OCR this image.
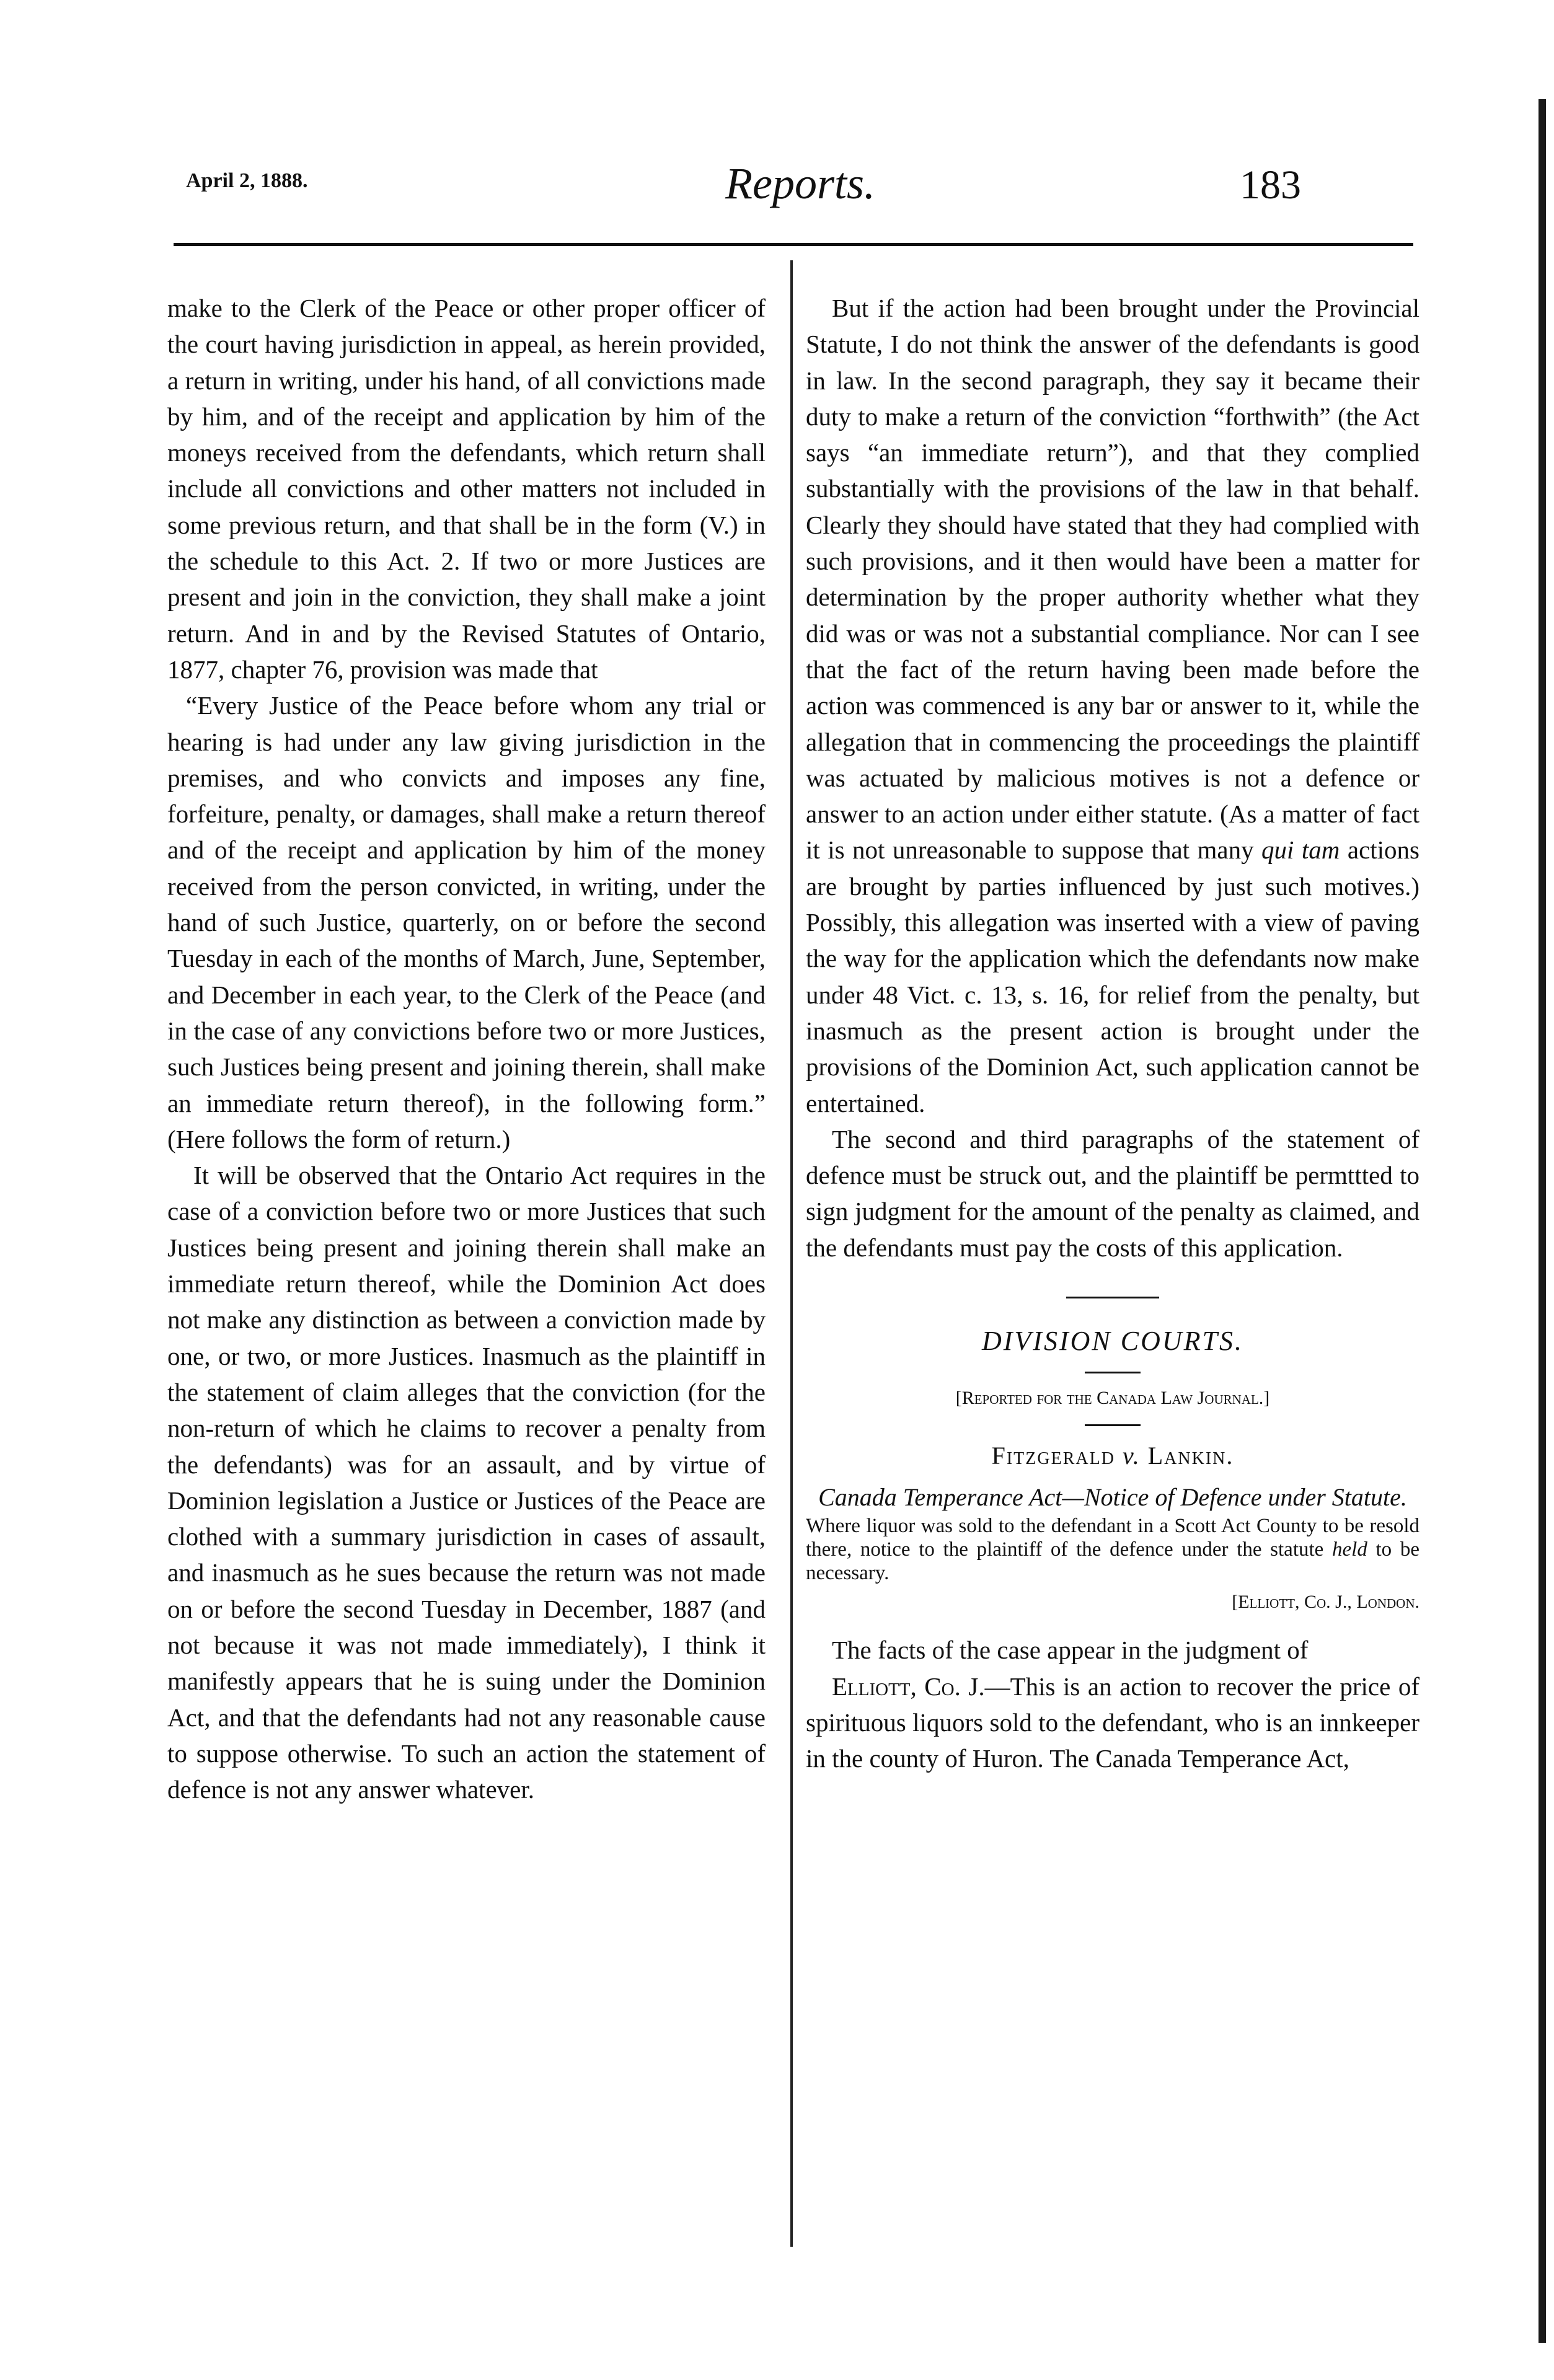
April 2, 1888.	Reports.	183

make to the Clerk of the Peace or other proper officer of the court having jurisdiction in appeal, as herein provided, a return in writing, under his hand, of all convictions made by him, and of the receipt and application by him of the moneys received from the defendants, which return shall include all convictions and other matters not included in some previous return, and that shall be in the form (V.) in the schedule to this Act. 2. If two or more Justices are present and join in the conviction, they shall make a joint return. And in and by the Revised Statutes of Ontario, 1877, chapter 76, provision was made that

“Every Justice of the Peace before whom any trial or hearing is had under any law giving jurisdiction in the premises, and who convicts and imposes any fine, forfeiture, penalty, or damages, shall make a return thereof and of the receipt and application by him of the money received from the person convicted, in writing, under the hand of such Justice, quarterly, on or before the second Tuesday in each of the months of March, June, September, and December in each year, to the Clerk of the Peace (and in the case of any convictions before two or more Justices, such Justices being present and joining therein, shall make an immediate return thereof), in the following form.” (Here follows the form of return.)

It will be observed that the Ontario Act requires in the case of a conviction before two or more Justices that such Justices being present and joining therein shall make an immediate return thereof, while the Dominion Act does not make any distinction as between a conviction made by one, or two, or more Justices. Inasmuch as the plaintiff in the statement of claim alleges that the conviction (for the non-return of which he claims to recover a penalty from the defendants) was for an assault, and by virtue of Dominion legislation a Justice or Justices of the Peace are clothed with a summary jurisdiction in cases of assault, and inasmuch as he sues because the return was not made on or before the second Tuesday in December, 1887 (and not because it was not made immediately), I think it manifestly appears that he is suing under the Dominion Act, and that the defendants had not any reasonable cause to suppose otherwise. To such an action the statement of defence is not any answer whatever.

But if the action had been brought under the Provincial Statute, I do not think the answer of the defendants is good in law. In the second paragraph, they say it became their duty to make a return of the conviction “forthwith” (the Act says “an immediate return”), and that they complied substantially with the provisions of the law in that behalf. Clearly they should have stated that they had complied with such provisions, and it then would have been a matter for determination by the proper authority whether what they did was or was not a substantial compliance. Nor can I see that the fact of the return having been made before the action was commenced is any bar or answer to it, while the allegation that in commencing the proceedings the plaintiff was actuated by malicious motives is not a defence or answer to an action under either statute. (As a matter of fact it is not unreasonable to suppose that many qui tam actions are brought by parties influenced by just such motives.) Possibly, this allegation was inserted with a view of paving the way for the application which the defendants now make under 48 Vict. c. 13, s. 16, for relief from the penalty, but inasmuch as the present action is brought under the provisions of the Dominion Act, such application cannot be entertained.

The second and third paragraphs of the statement of defence must be struck out, and the plaintiff be permttted to sign judgment for the amount of the penalty as claimed, and the defendants must pay the costs of this application.

DIVISION COURTS.
[Reported for the Canada Law Journal.]
Fitzgerald v. Lankin.
Canada Temperance Act—Notice of Defence under Statute.

Where liquor was sold to the defendant in a Scott Act County to be resold there, notice to the plaintiff of the defence under the statute held to be necessary.

[Elliott, Co. J., London.

The facts of the case appear in the judgment of

Elliott, Co. J.—This is an action to recover the price of spirituous liquors sold to the defendant, who is an innkeeper in the county of Huron. The Canada Temperance Act,
